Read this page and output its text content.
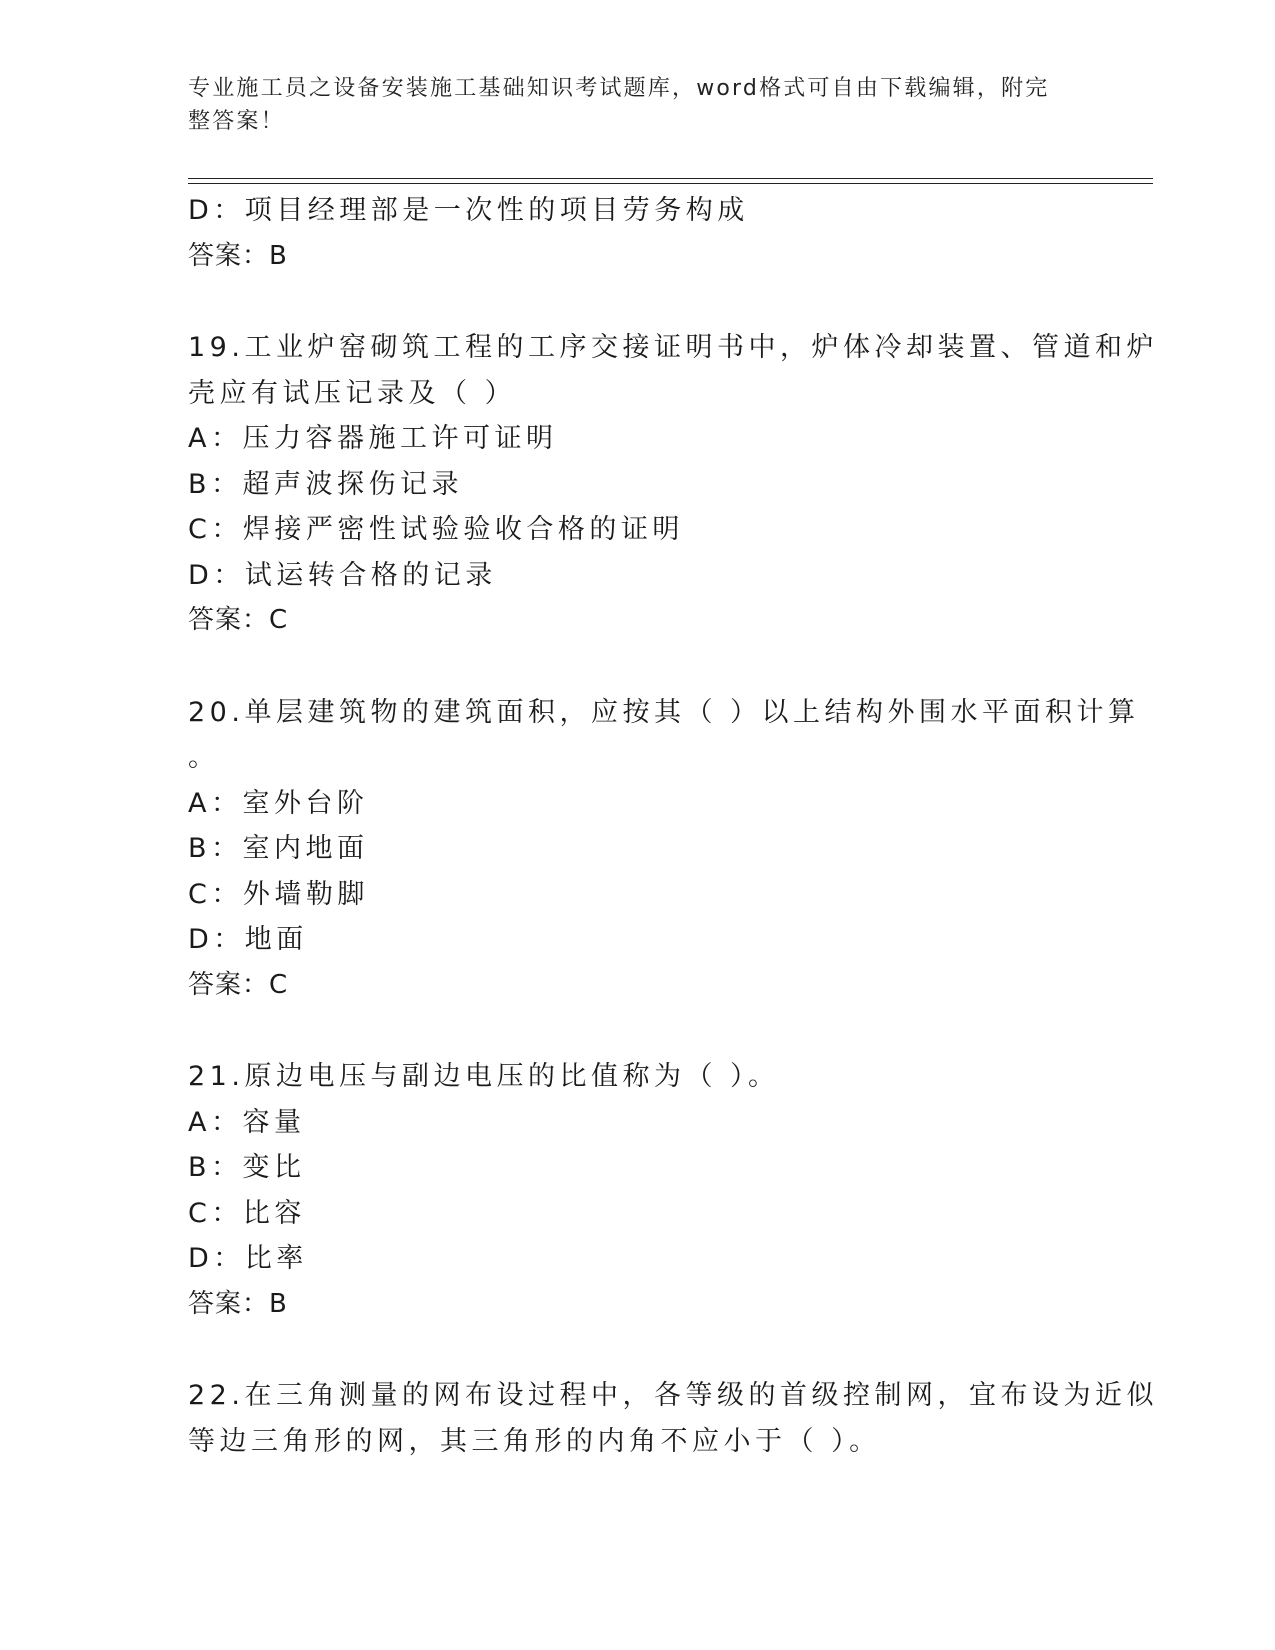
专业施工员之设备安装施工基础知识考试题库，word格式可自由下载编辑，附完
整答案！
D：项目经理部是一次性的项目劳务构成
答案：B
19.工业炉窑砌筑工程的工序交接证明书中，炉体冷却装置、管道和炉
壳应有试压记录及（ ）
A：压力容器施工许可证明
B：超声波探伤记录
C：焊接严密性试验验收合格的证明
D：试运转合格的记录
答案：C
20.单层建筑物的建筑面积，应按其（ ）以上结构外围水平面积计算
。
A：室外台阶
B：室内地面
C：外墙勒脚
D：地面
答案：C
21.原边电压与副边电压的比值称为（ ）。
A：容量
B：变比
C：比容
D：比率
答案：B
22.在三角测量的网布设过程中，各等级的首级控制网，宜布设为近似
等边三角形的网，其三角形的内角不应小于（ ）。
